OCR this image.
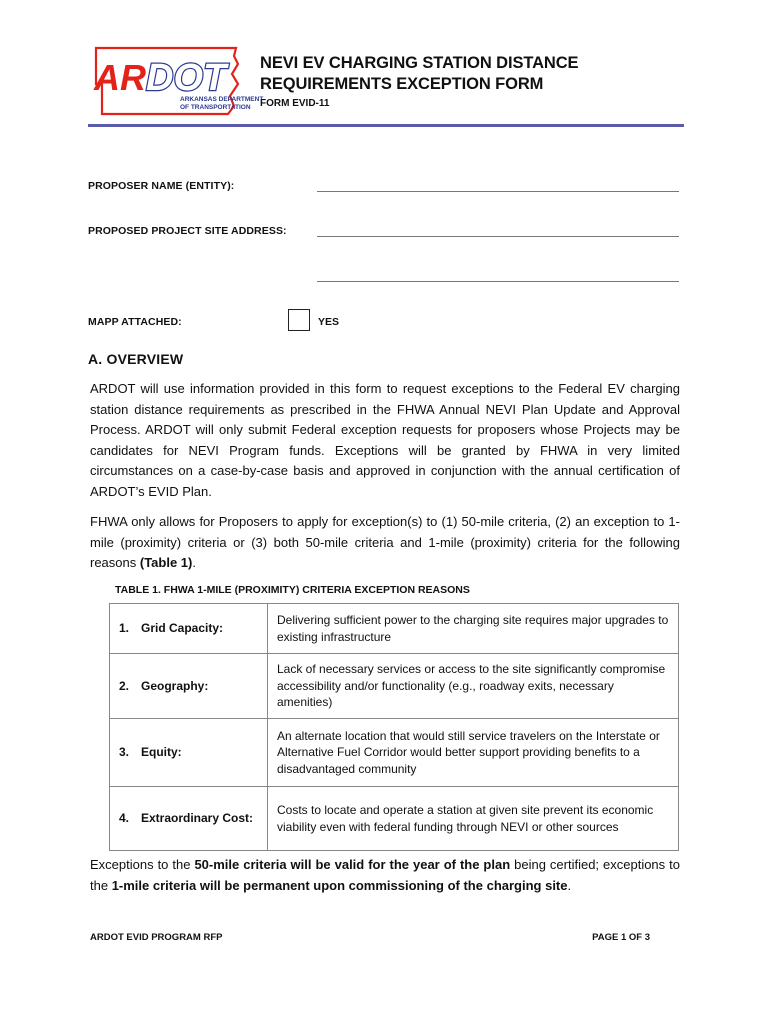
AR DOT
ARKANSAS DEPARTMENT
OF TRANSPORTATION
NEVI EV CHARGING STATION DISTANCE
REQUIREMENTS EXCEPTION FORM
FORM EVID-11
PROPOSER NAME (ENTITY):
PROPOSED PROJECT SITE ADDRESS:
MAPP ATTACHED:	YES
A. OVERVIEW

ARDOT will use information provided in this form to request exceptions to the Federal EV charging station distance requirements as prescribed in the FHWA Annual NEVI Plan Update and Approval Process. ARDOT will only submit Federal exception requests for proposers whose Projects may be candidates for NEVI Program funds. Exceptions will be granted by FHWA in very limited circumstances on a case-by-case basis and approved in conjunction with the annual certification of ARDOT’s EVID Plan.

FHWA only allows for Proposers to apply for exception(s) to (1) 50-mile criteria, (2) an exception to 1-mile (proximity) criteria or (3) both 50-mile criteria and 1-mile (proximity) criteria for the following reasons (Table 1).

TABLE 1. FHWA 1-MILE (PROXIMITY) CRITERIA EXCEPTION REASONS
1. Grid Capacity:	Delivering sufficient power to the charging site requires major upgrades to existing infrastructure

2. Geography:	Lack of necessary services or access to the site significantly compromise accessibility and/or functionality (e.g., roadway exits, necessary amenities)

3. Equity:	An alternate location that would still service travelers on the Interstate or Alternative Fuel Corridor would better support providing benefits to a disadvantaged community

4. Extraordinary Cost:	Costs to locate and operate a station at given site prevent its economic viability even with federal funding through NEVI or other sources

Exceptions to the 50-mile criteria will be valid for the year of the plan being certified; exceptions to the 1-mile criteria will be permanent upon commissioning of the charging site.

ARDOT EVID PROGRAM RFP	PAGE 1 OF 3
